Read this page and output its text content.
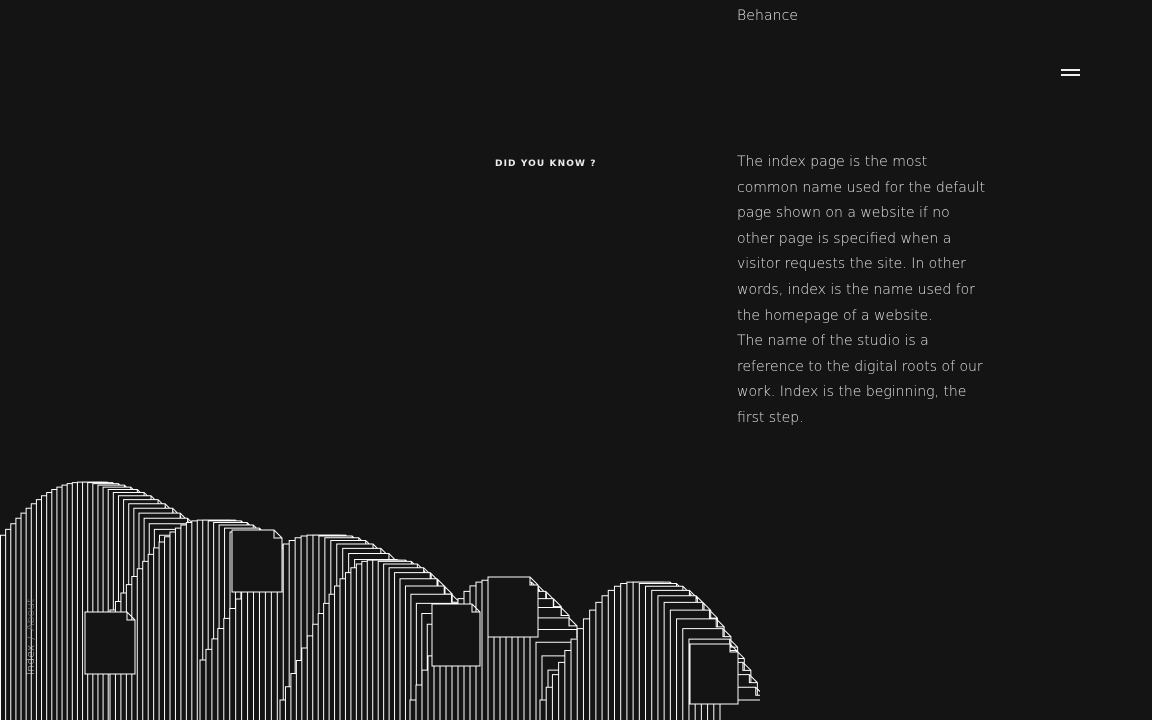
Behance
DID YOU KNOW ?	The index page is the most common name used for the default page shown on a website if no other page is specified when a visitor requests the site. In other words, index is the name used for the homepage of a website.

The name of the studio is a reference to the digital roots of our work. Index is the beginning, the first step.

Index
/
About
